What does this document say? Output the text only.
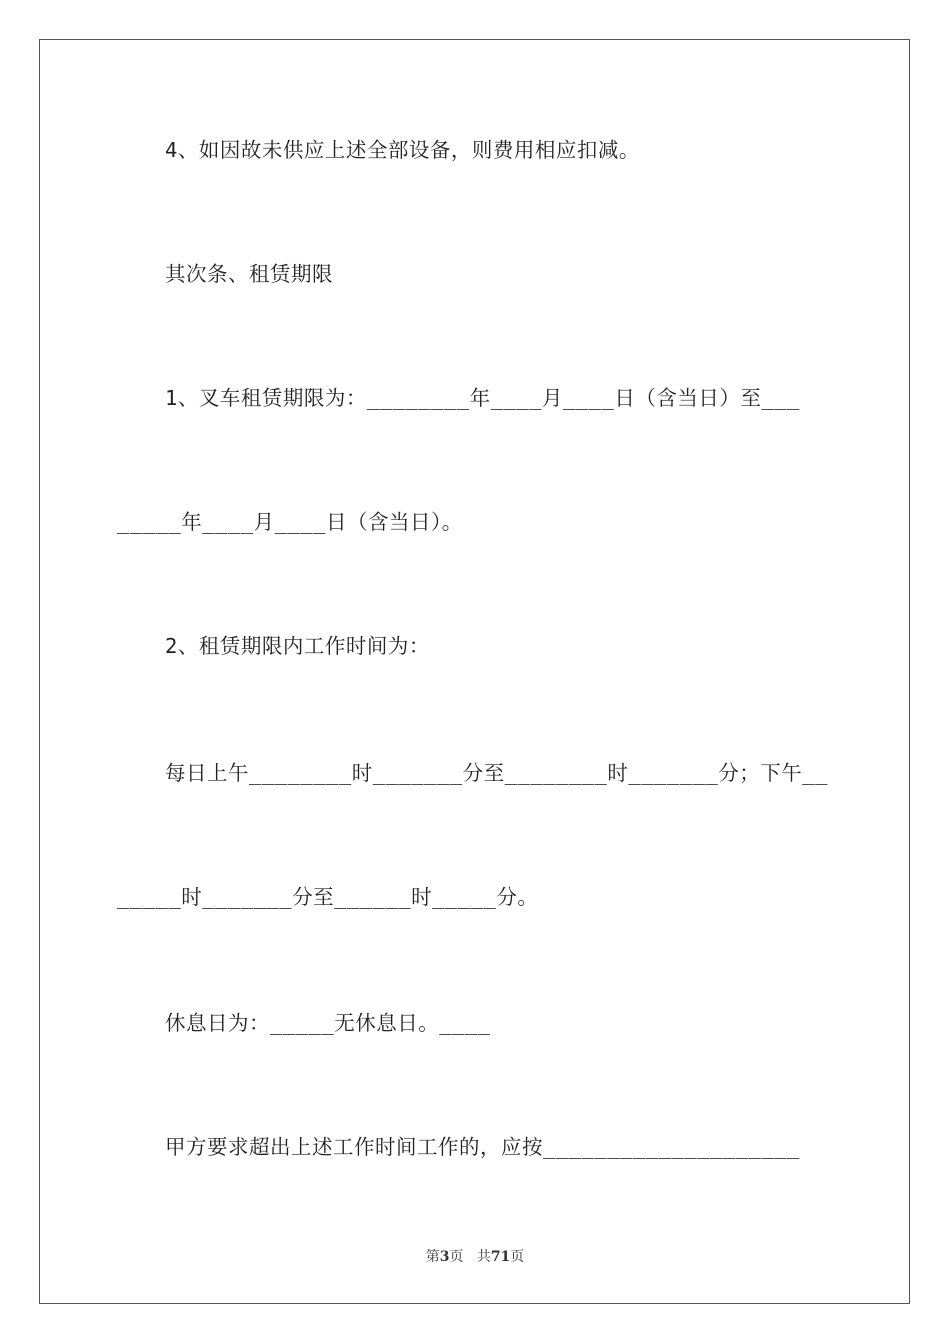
4、如因故未供应上述全部设备，则费用相应扣减。
其次条、租赁期限
1、叉车租赁期限为：________年____月____日（含当日）至___
_____年____月____日（含当日）。
2、租赁期限内工作时间为：
每日上午________时_______分至________时_______分；下午__
_____时_______分至______时_____分。
休息日为：_____无休息日。____
甲方要求超出上述工作时间工作的，应按____________________
第3页 共71页
